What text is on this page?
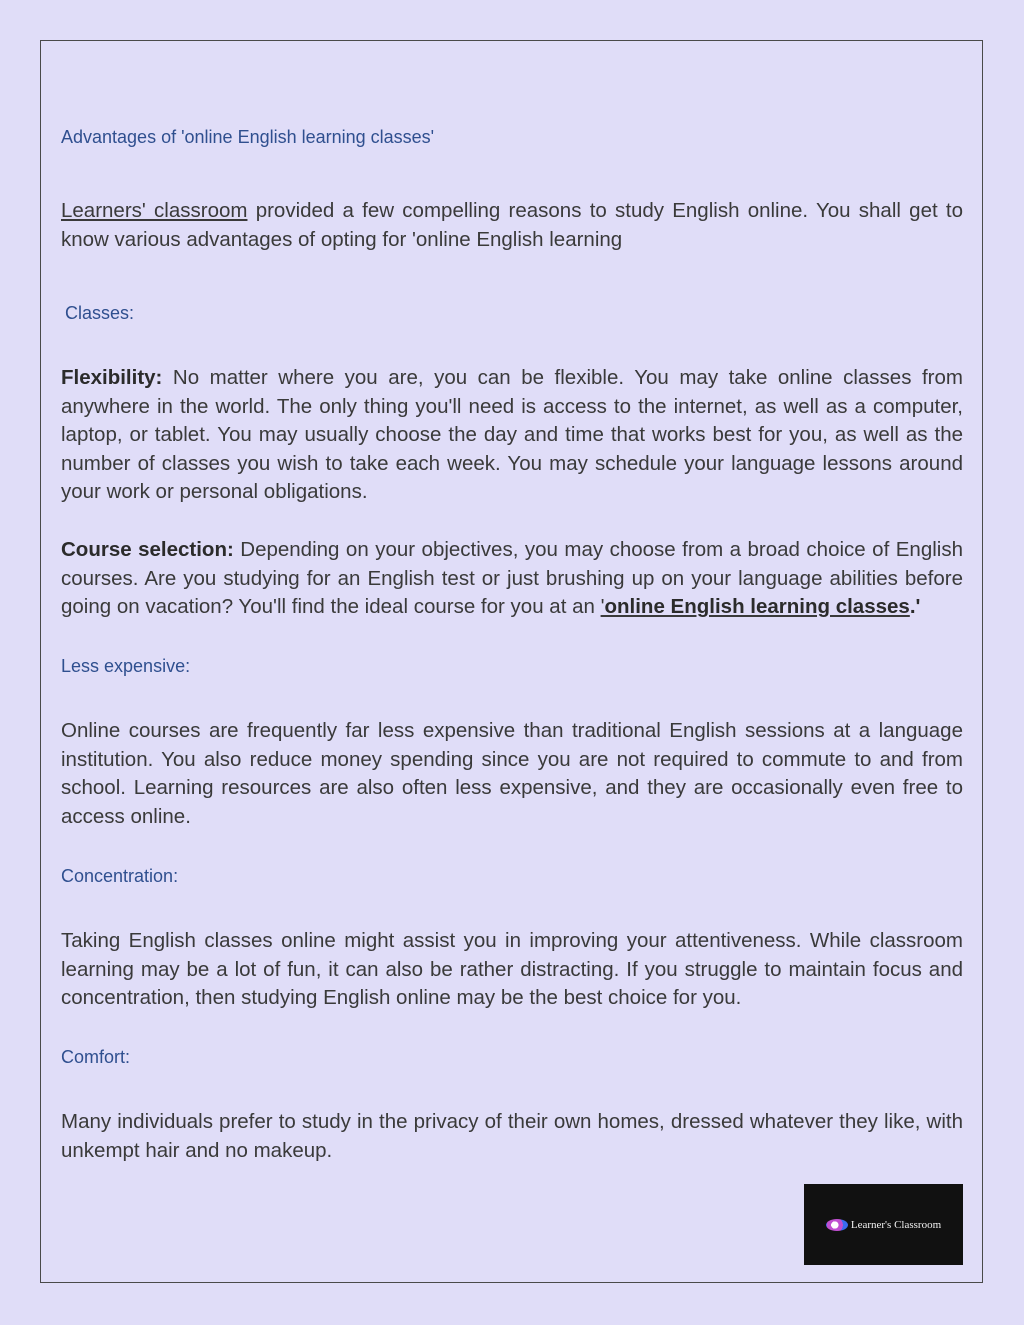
Advantages of 'online English learning classes'

Learners' classroom provided a few compelling reasons to study English online. You shall get to know various advantages of opting for 'online English learning

Classes:

Flexibility: No matter where you are, you can be flexible. You may take online classes from anywhere in the world. The only thing you'll need is access to the internet, as well as a computer, laptop, or tablet. You may usually choose the day and time that works best for you, as well as the number of classes you wish to take each week. You may schedule your language lessons around your work or personal obligations.

Course selection: Depending on your objectives, you may choose from a broad choice of English courses. Are you studying for an English test or just brushing up on your language abilities before going on vacation? You'll find the ideal course for you at an 'online English learning classes.'

Less expensive:

Online courses are frequently far less expensive than traditional English sessions at a language institution. You also reduce money spending since you are not required to commute to and from school. Learning resources are also often less expensive, and they are occasionally even free to access online.

Concentration:

Taking English classes online might assist you in improving your attentiveness. While classroom learning may be a lot of fun, it can also be rather distracting. If you struggle to maintain focus and concentration, then studying English online may be the best choice for you.

Comfort:

Many individuals prefer to study in the privacy of their own homes, dressed whatever they like, with unkempt hair and no makeup.

Learner's Classroom
